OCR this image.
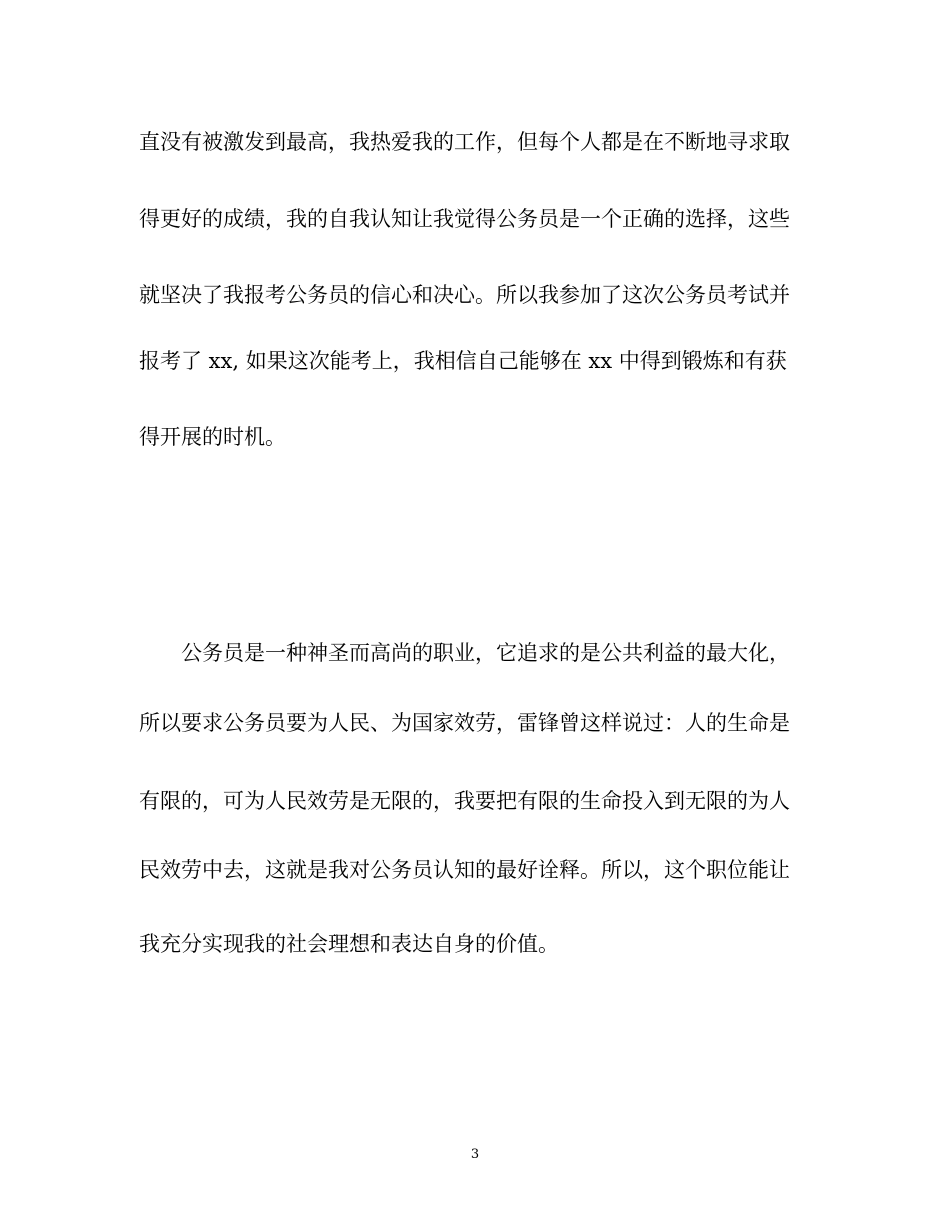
直没有被激发到最高，我热爱我的工作，但每个人都是在不断地寻求取
得更好的成绩，我的自我认知让我觉得公务员是一个正确的选择，这些
就坚决了我报考公务员的信心和决心。所以我参加了这次公务员考试并
报考了 xx, 如果这次能考上，我相信自己能够在 xx 中得到锻炼和有获
得开展的时机。
公务员是一种神圣而高尚的职业，它追求的是公共利益的最大化，
所以要求公务员要为人民、为国家效劳，雷锋曾这样说过：人的生命是
有限的，可为人民效劳是无限的，我要把有限的生命投入到无限的为人
民效劳中去，这就是我对公务员认知的最好诠释。所以，这个职位能让
我充分实现我的社会理想和表达自身的价值。
3
